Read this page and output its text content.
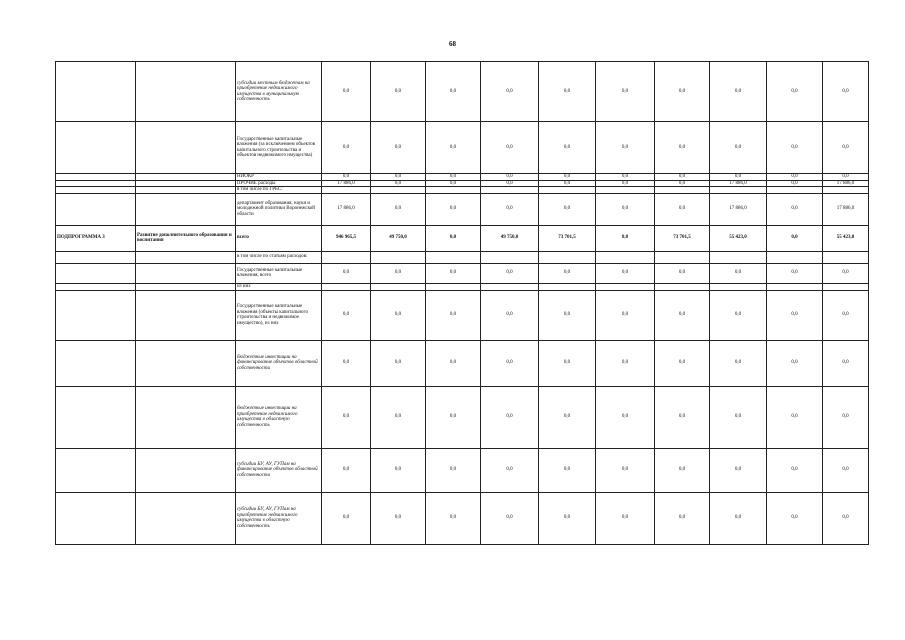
68
		субсидии местным бюджетам на приобретение недвижимого имущества в муниципальную собственность	0,0	0,0	0,0	0,0	0,0	0,0	0,0	0,0	0,0	0,0
		Государственные капитальные вложения (за исключением объектов капитального строительства и объектов недвижимого имущества)	0,0	0,0	0,0	0,0	0,0	0,0	0,0	0,0	0,0	0,0
		НИОКР	0,0	0,0	0,0	0,0	0,0	0,0	0,0	0,0	0,0	0,0
		ПРОЧИЕ расходы	17 886,0	0,0	0,0	0,0	0,0	0,0	0,0	17 886,0	0,0	17 886,0
		в том числе по ГРБС:										
		департамент образования, науки и молодежной политики Воронежской области	17 886,0	0,0	0,0	0,0	0,0	0,0	0,0	17 886,0	0,0	17 886,0
ПОДПРОГРАММА 3	Развитие дополнительного образования и воспитания	всего	946 965,5	49 750,0	0,0	49 750,0	73 701,5	0,0	73 701,5	55 423,0	0,0	55 423,0
		в том числе по статьям расходов:										
		Государственные капитальные вложения, всего	0,0	0,0	0,0	0,0	0,0	0,0	0,0	0,0	0,0	0,0
		из них										
		Государственные капитальные вложения (объекты капитального строительства и недвижимое имущество), из них	0,0	0,0	0,0	0,0	0,0	0,0	0,0	0,0	0,0	0,0
		бюджетные инвестиции на финансирование объектов областной собственности	0,0	0,0	0,0	0,0	0,0	0,0	0,0	0,0	0,0	0,0
		бюджетные инвестиции на приобретение недвижимого имущества в областную собственность	0,0	0,0	0,0	0,0	0,0	0,0	0,0	0,0	0,0	0,0
		субсидии БУ, АУ, ГУПам на финансирование объектов областной собственности	0,0	0,0	0,0	0,0	0,0	0,0	0,0	0,0	0,0	0,0
		субсидии БУ, АУ, ГУПам на приобретение недвижимого имущества в областную собственность	0,0	0,0	0,0	0,0	0,0	0,0	0,0	0,0	0,0	0,0
